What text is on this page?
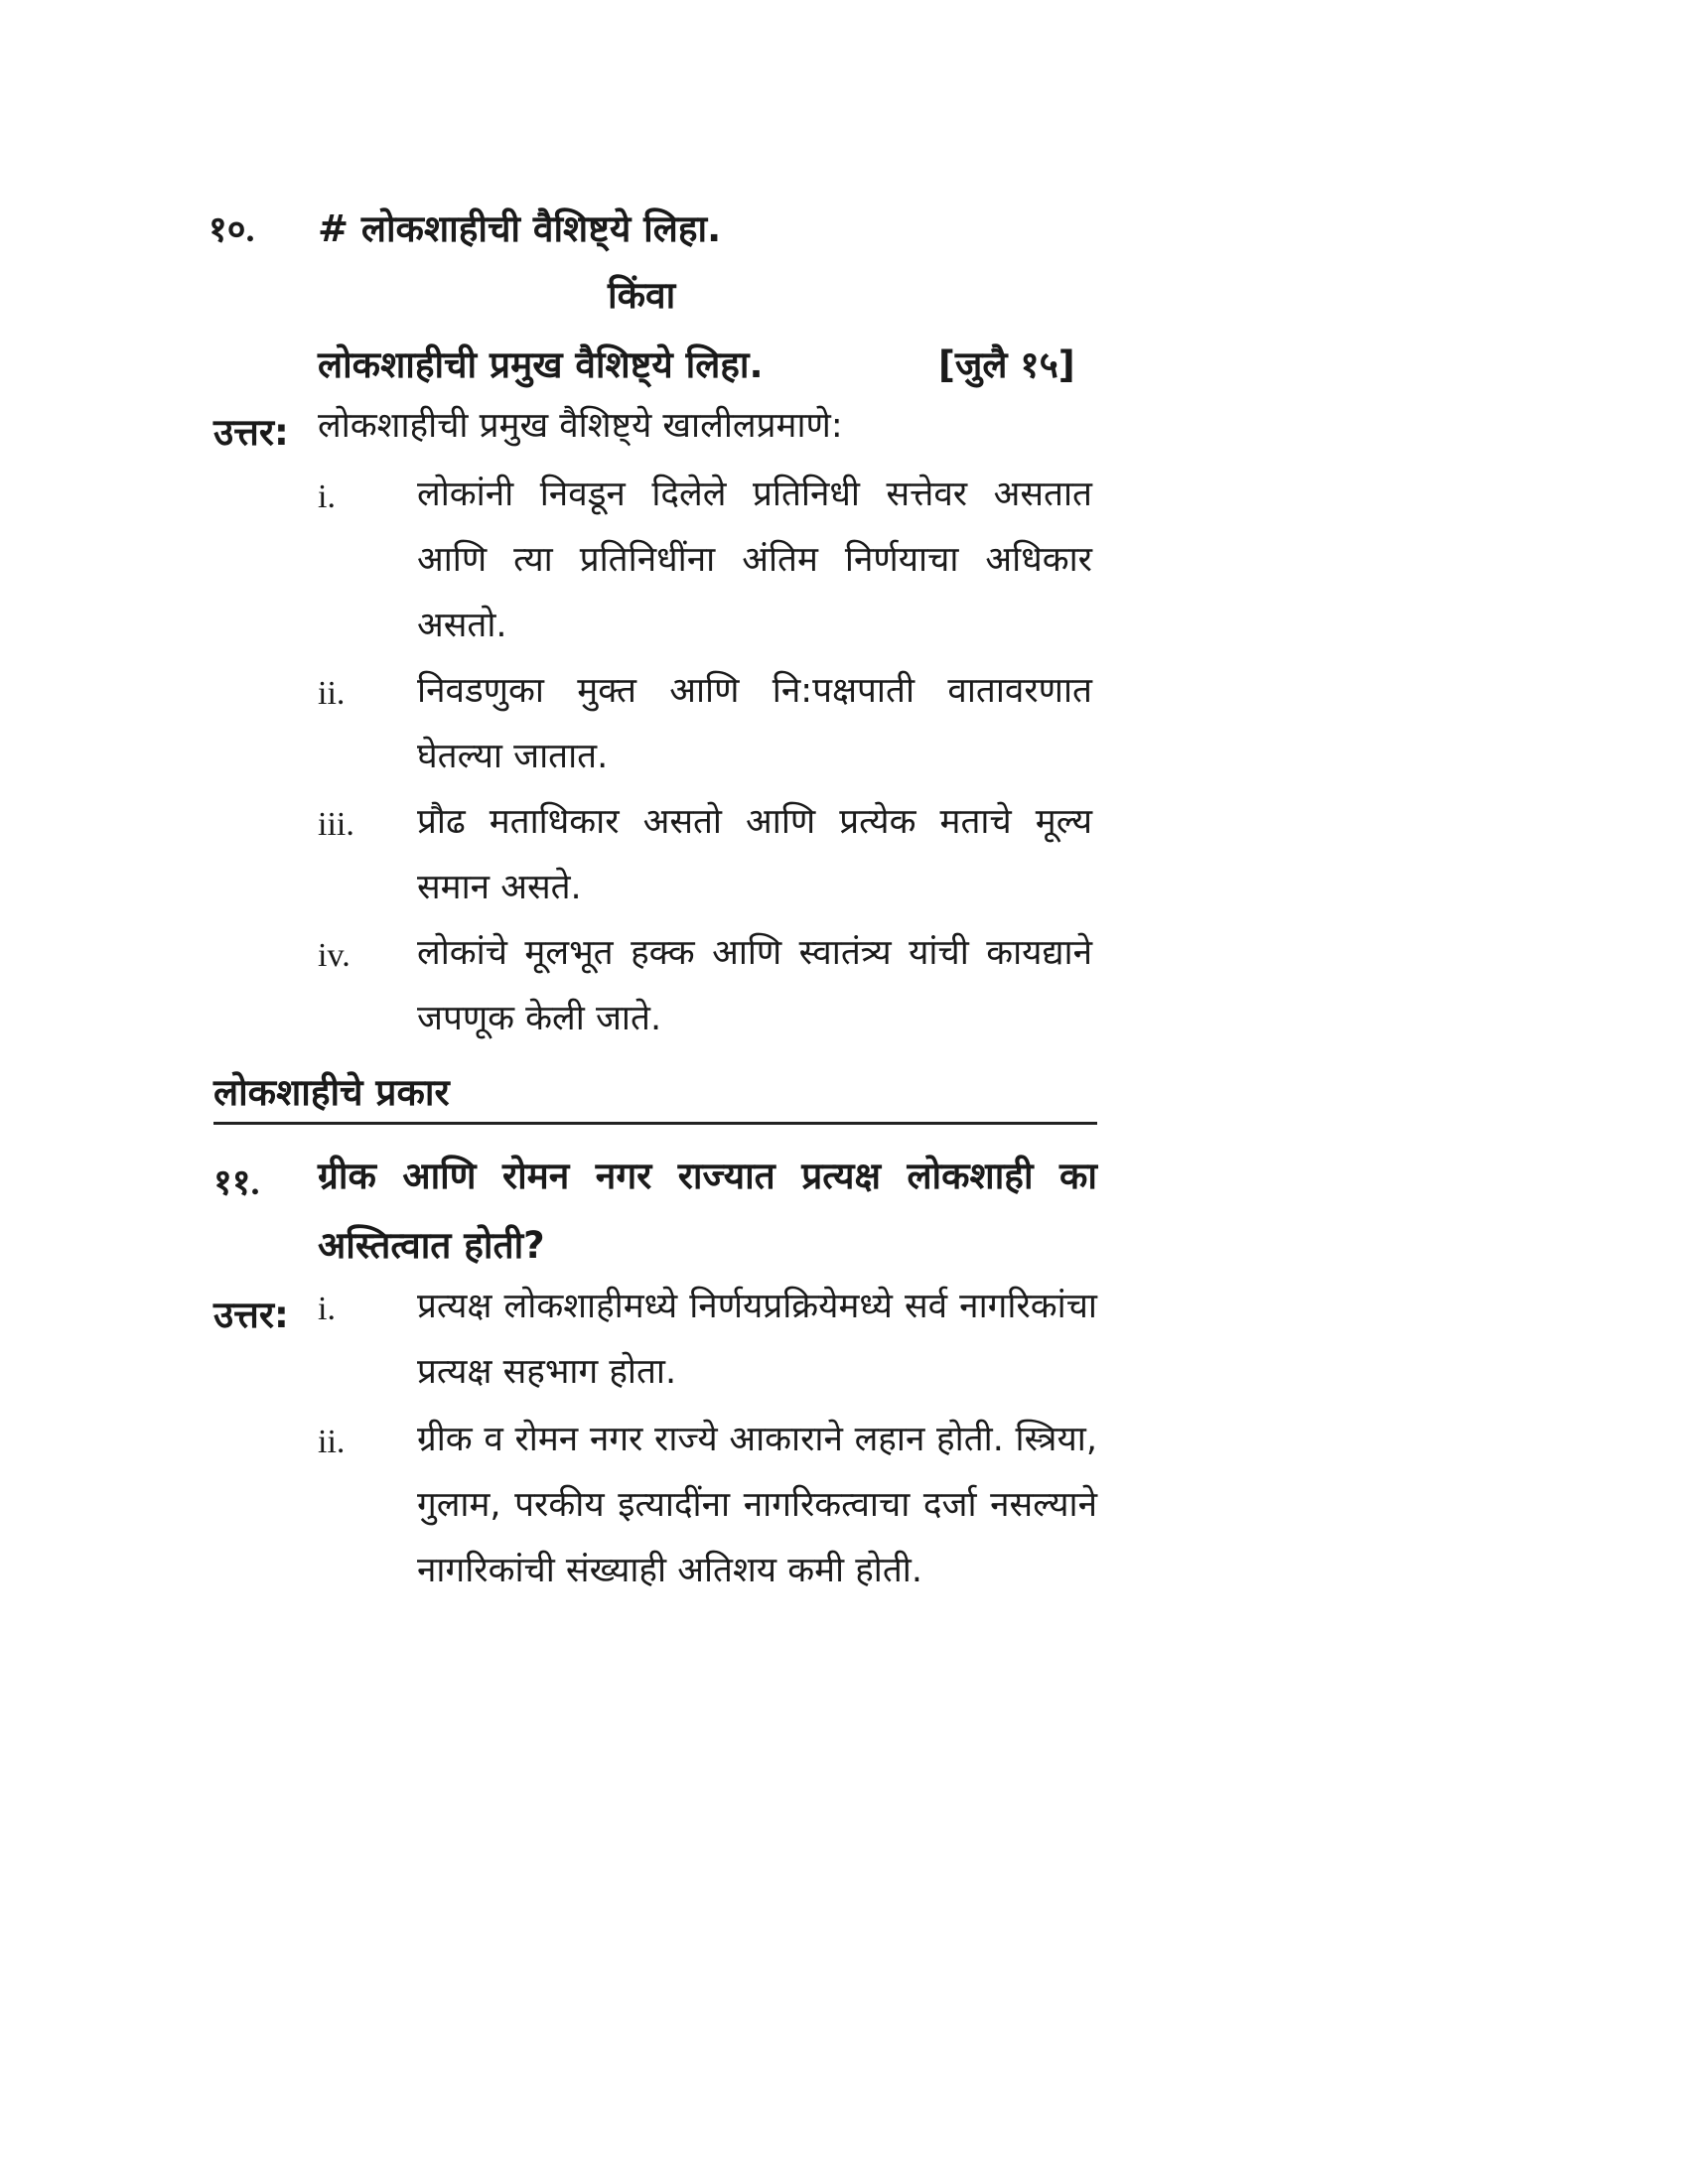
१०. # लोकशाहीची वैशिष्ट्ये लिहा.
किंवा
लोकशाहीची प्रमुख वैशिष्ट्ये लिहा.	[जुलै १५]
उत्तर: लोकशाहीची प्रमुख वैशिष्ट्ये खालीलप्रमाणे:
i. लोकांनी निवडून दिलेले प्रतिनिधी सत्तेवर असतात आणि त्या प्रतिनिधींना अंतिम निर्णयाचा अधिकार असतो.
ii. निवडणुका मुक्त आणि नि:पक्षपाती वातावरणात घेतल्या जातात.
iii. प्रौढ मताधिकार असतो आणि प्रत्येक मताचे मूल्य समान असते.
iv. लोकांचे मूलभूत हक्क आणि स्वातंत्र्य यांची कायद्याने जपणूक केली जाते.
लोकशाहीचे प्रकार
११. ग्रीक आणि रोमन नगर राज्यात प्रत्यक्ष लोकशाही का अस्तित्वात होती?
उत्तर: i. प्रत्यक्ष लोकशाहीमध्ये निर्णयप्रक्रियेमध्ये सर्व नागरिकांचा प्रत्यक्ष सहभाग होता.
ii. ग्रीक व रोमन नगर राज्ये आकाराने लहान होती. स्त्रिया, गुलाम, परकीय इत्यादींना नागरिकत्वाचा दर्जा नसल्याने नागरिकांची संख्याही अतिशय कमी होती.
